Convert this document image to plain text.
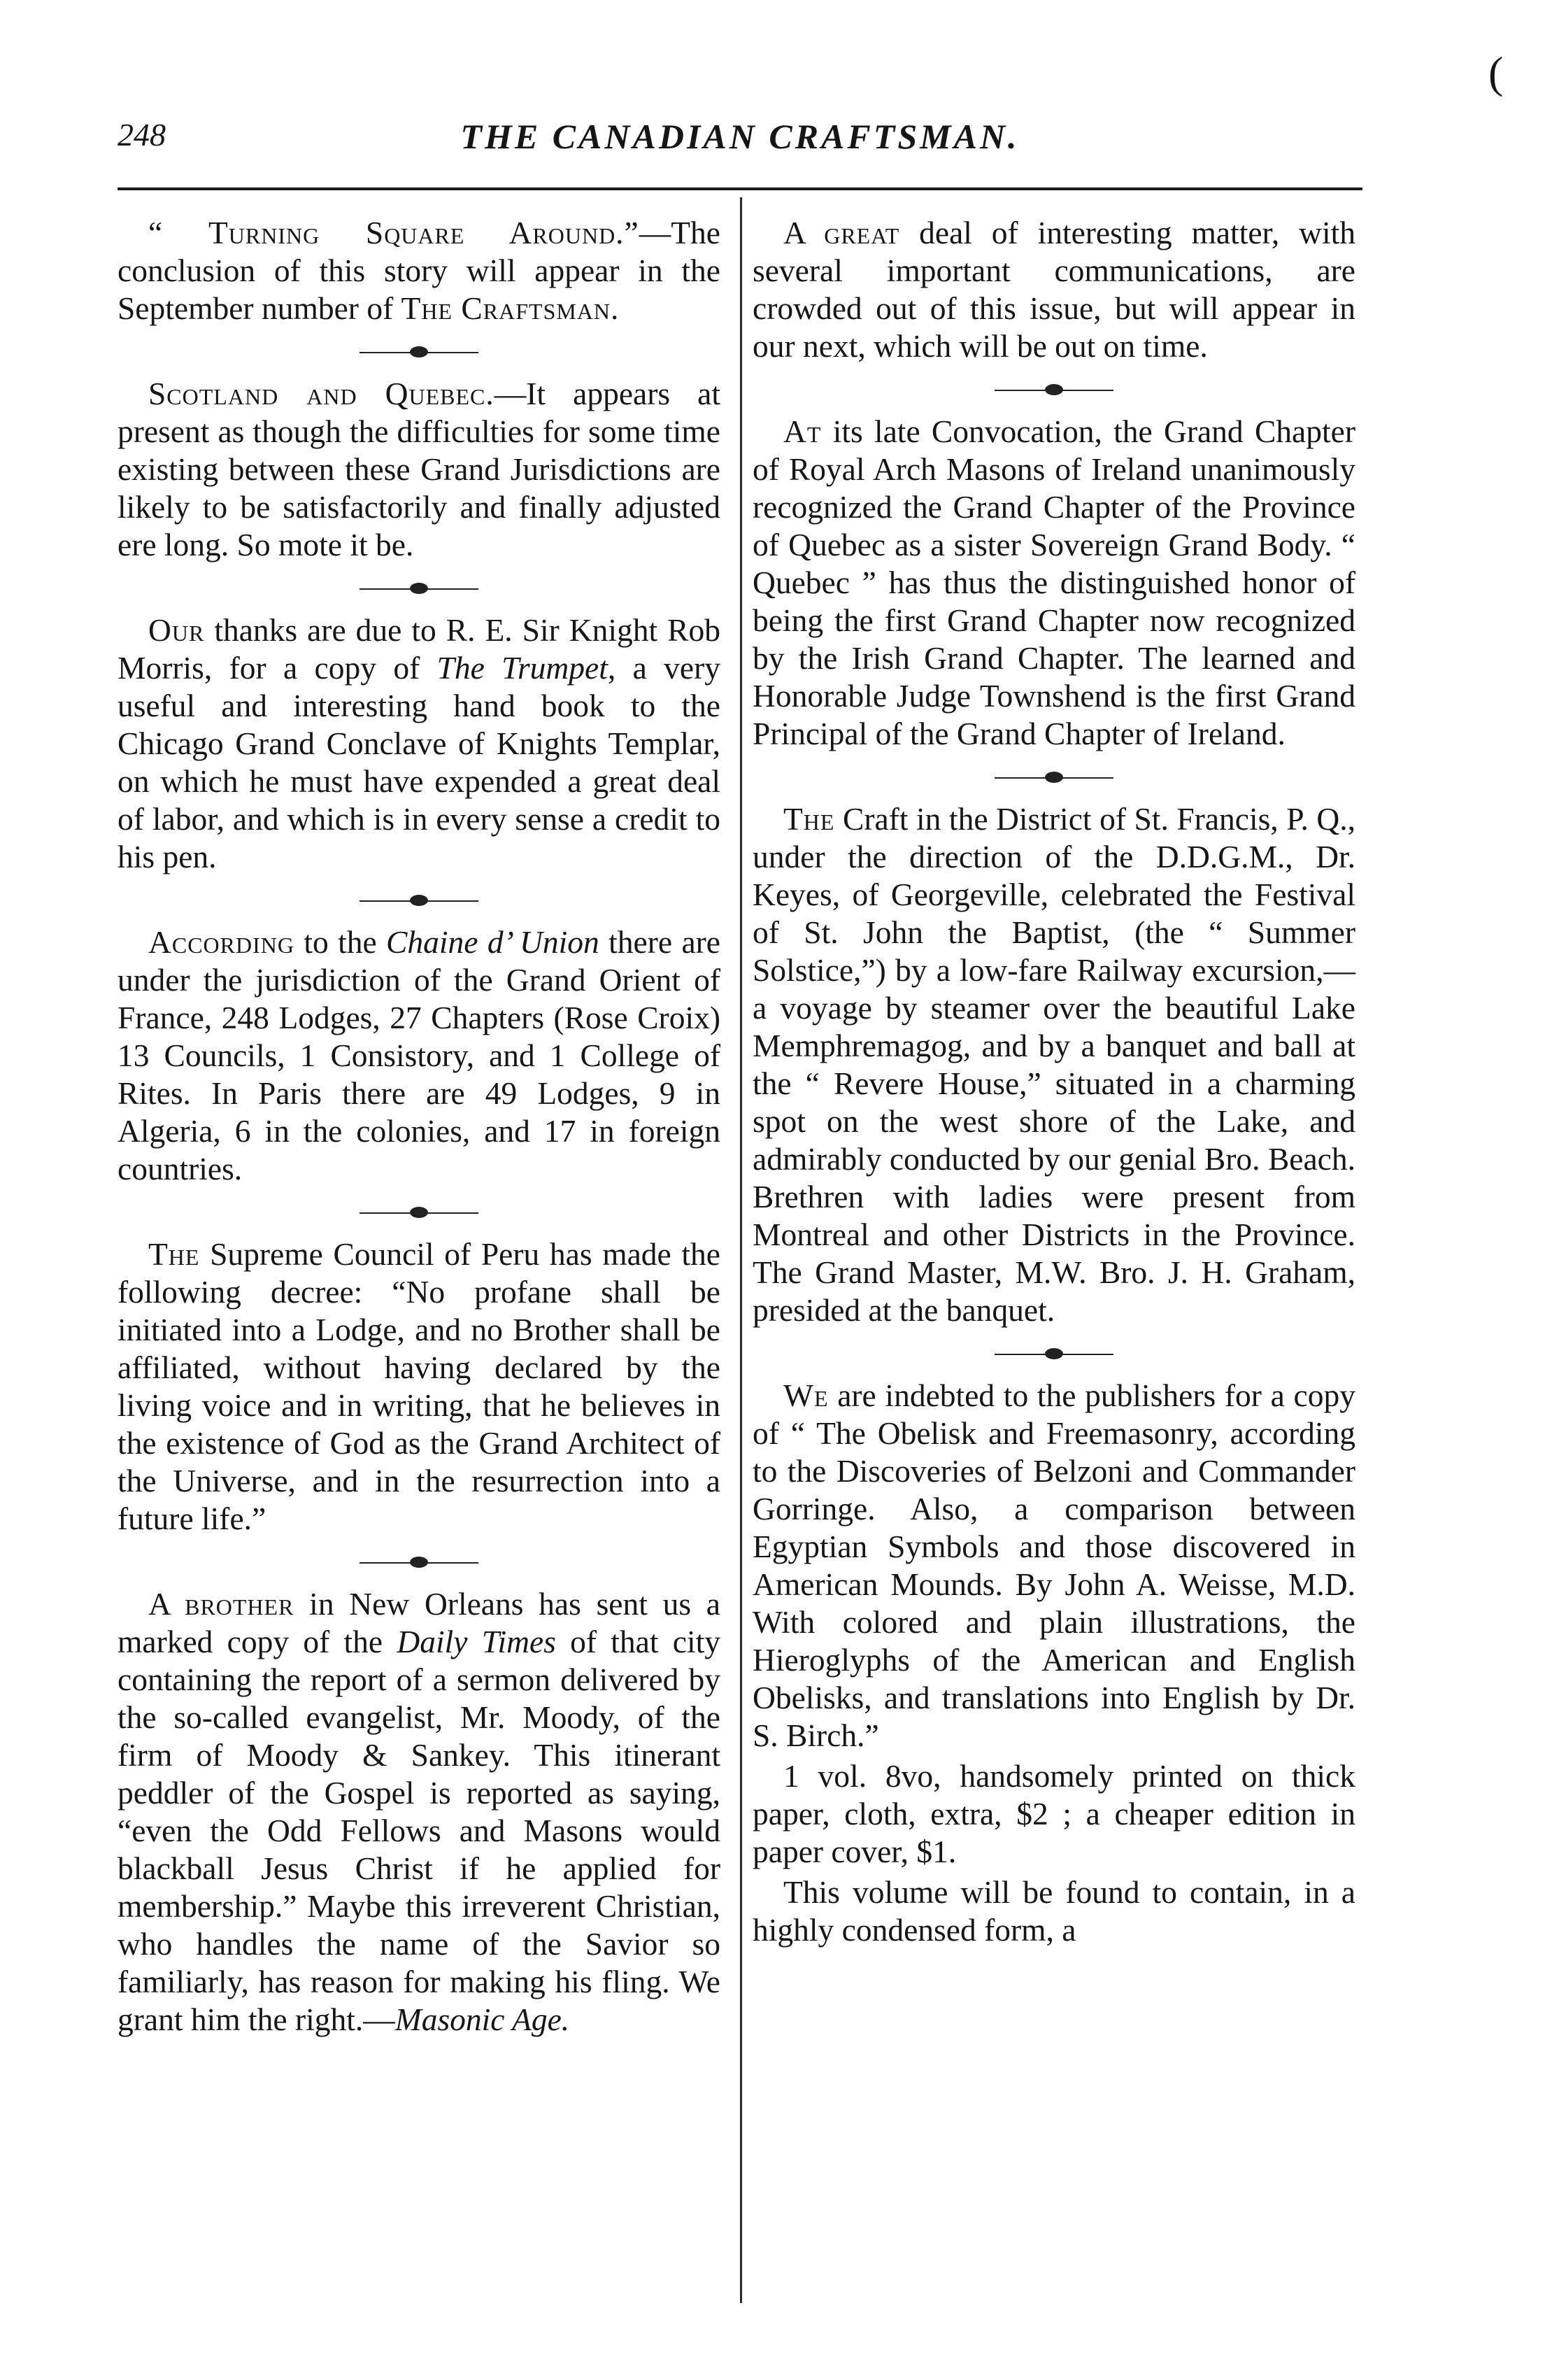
(
248	THE CANADIAN CRAFTSMAN.

“ Turning Square Around.”—The conclusion of this story will appear in the September number of The Craftsman.

Scotland and Quebec.—It appears at present as though the difficulties for some time existing between these Grand Jurisdictions are likely to be satisfactorily and finally adjusted ere long. So mote it be.

Our thanks are due to R. E. Sir Knight Rob Morris, for a copy of The Trumpet, a very useful and interesting hand book to the Chicago Grand Conclave of Knights Templar, on which he must have expended a great deal of labor, and which is in every sense a credit to his pen.

According to the Chaine d’ Union there are under the jurisdiction of the Grand Orient of France, 248 Lodges, 27 Chapters (Rose Croix) 13 Councils, 1 Consistory, and 1 College of Rites. In Paris there are 49 Lodges, 9 in Algeria, 6 in the colonies, and 17 in foreign countries.

The Supreme Council of Peru has made the following decree: “No profane shall be initiated into a Lodge, and no Brother shall be affiliated, without having declared by the living voice and in writing, that he believes in the existence of God as the Grand Architect of the Universe, and in the resurrection into a future life.”

A brother in New Orleans has sent us a marked copy of the Daily Times of that city containing the report of a sermon delivered by the so-called evangelist, Mr. Moody, of the firm of Moody & Sankey. This itinerant peddler of the Gospel is reported as saying, “even the Odd Fellows and Masons would blackball Jesus Christ if he applied for membership.” Maybe this irreverent Christian, who handles the name of the Savior so familiarly, has reason for making his fling. We grant him the right.—Masonic Age.

A great deal of interesting matter, with several important communications, are crowded out of this issue, but will appear in our next, which will be out on time.

At its late Convocation, the Grand Chapter of Royal Arch Masons of Ireland unanimously recognized the Grand Chapter of the Province of Quebec as a sister Sovereign Grand Body. “ Quebec ” has thus the distinguished honor of being the first Grand Chapter now recognized by the Irish Grand Chapter. The learned and Honorable Judge Townshend is the first Grand Principal of the Grand Chapter of Ireland.

The Craft in the District of St. Francis, P. Q., under the direction of the D.D.G.M., Dr. Keyes, of Georgeville, celebrated the Festival of St. John the Baptist, (the “ Summer Solstice,”) by a low-fare Railway excursion,—a voyage by steamer over the beautiful Lake Memphremagog, and by a banquet and ball at the “ Revere House,” situated in a charming spot on the west shore of the Lake, and admirably conducted by our genial Bro. Beach. Brethren with ladies were present from Montreal and other Districts in the Province. The Grand Master, M.W. Bro. J. H. Graham, presided at the banquet.

We are indebted to the publishers for a copy of “ The Obelisk and Freemasonry, according to the Discoveries of Belzoni and Commander Gorringe. Also, a comparison between Egyptian Symbols and those discovered in American Mounds. By John A. Weisse, M.D. With colored and plain illustrations, the Hieroglyphs of the American and English Obelisks, and translations into English by Dr. S. Birch.”

1 vol. 8vo, handsomely printed on thick paper, cloth, extra, $2 ; a cheaper edition in paper cover, $1.

This volume will be found to contain, in a highly condensed form, a
